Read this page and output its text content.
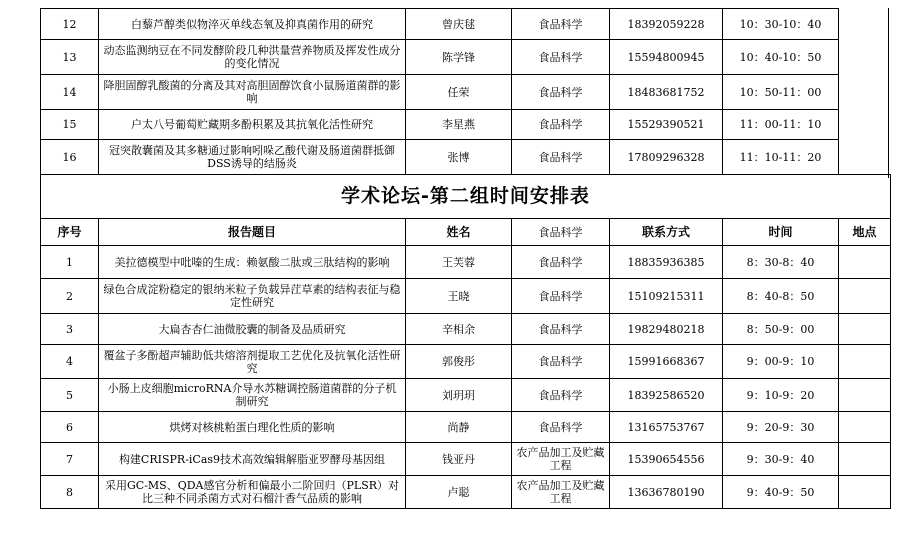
12	白藜芦醇类似物淬灭单线态氧及抑真菌作用的研究	曾庆毬	食品科学	18392059228	10：30-10：40	
13	动态监测纳豆在不同发酵阶段几种洪量营养物质及挥发性成分的变化情况	陈学锋	食品科学	15594800945	10：40-10：50	
14	降胆固醇乳酸菌的分离及其对高胆固醇饮食小鼠肠道菌群的影响	任荣	食品科学	18483681752	10：50-11：00	
15	户太八号葡萄贮藏期多酚积累及其抗氧化活性研究	李星燕	食品科学	15529390521	11：00-11：10	
16	冠突散囊菌及其多糖通过影响吲哚乙酸代谢及肠道菌群抵御DSS诱导的结肠炎	张博	食品科学	17809296328	11：10-11：20	
学术论坛-第二组时间安排表						
序号	报告题目	姓名	食品科学	联系方式	时间	地点
1	美拉德模型中吡嗪的生成：赖氨酸二肽或三肽结构的影响	王芙蓉	食品科学	18835936385	8：30-8：40	
2	绿色合成淀粉稳定的银纳米粒子负载异茳草素的结构表征与稳定性研究	王晓	食品科学	15109215311	8：40-8：50	
3	大扁杏杏仁油微胶囊的制备及品质研究	辛相余	食品科学	19829480218	8：50-9：00	
4	覆盆子多酚超声辅助低共熔溶剂提取工艺优化及抗氧化活性研究	郭俊彤	食品科学	15991668367	9：00-9：10	
5	小肠上皮细胞microRNA介导水苏糖调控肠道菌群的分子机制研究	刘玥玥	食品科学	18392586520	9：10-9：20	
6	烘烤对核桃粕蛋白理化性质的影响	尚静	食品科学	13165753767	9：20-9：30	
7	构建CRISPR-iCas9技术高效编辑解脂亚罗酵母基因组	钱亚丹	农产品加工及贮藏工程	15390654556	9：30-9：40	
8	采用GC-MS、QDA感官分析和偏最小二阶回归（PLSR）对比三种不同杀菌方式对石榴汁香气品质的影响	卢聪	农产品加工及贮藏工程	13636780190	9：40-9：50	
